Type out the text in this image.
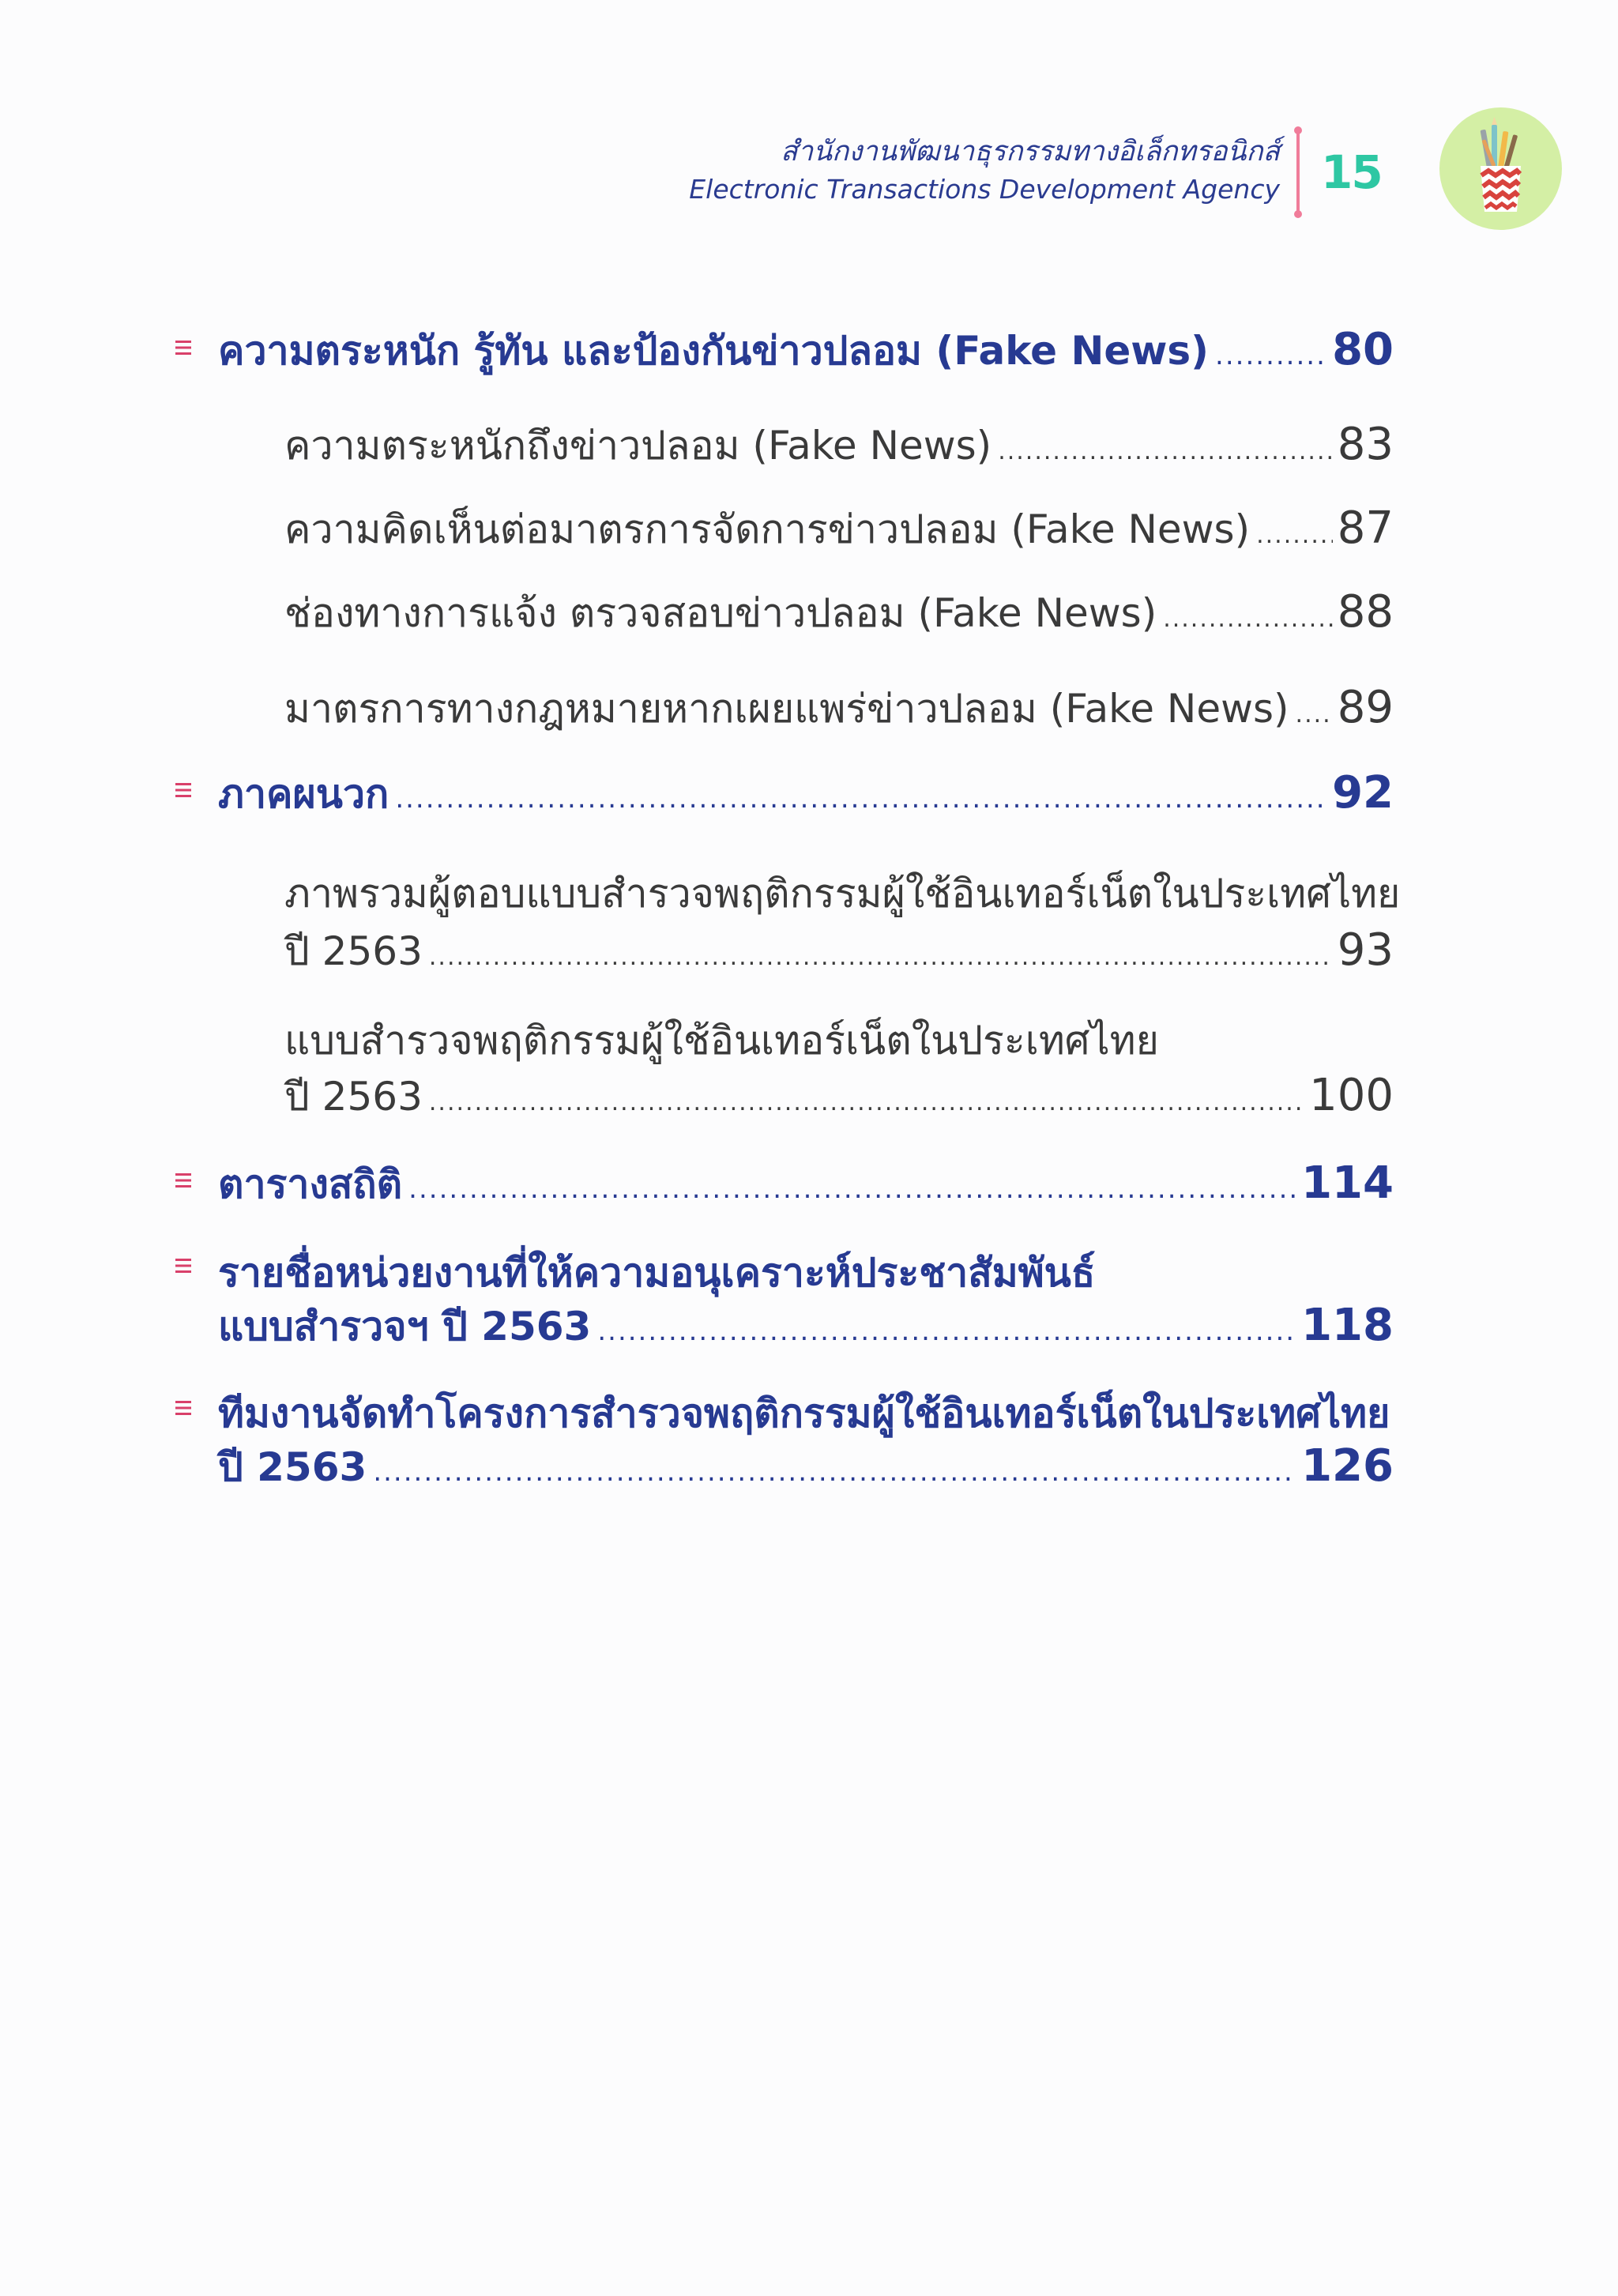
สำนักงานพัฒนาธุรกรรมทางอิเล็กทรอนิกส์
Electronic Transactions Development Agency 15
ความตระหนัก รู้ทัน และป้องกันข่าวปลอม (Fake News) .....	80
ความตระหนักถึงข่าวปลอม (Fake News) .....	83
ความคิดเห็นต่อมาตรการจัดการข่าวปลอม (Fake News) ..... 87
ช่องทางการแจ้ง ตรวจสอบข่าวปลอม (Fake News) .....	88
มาตรการทางกฎหมายหากเผยแพร่ข่าวปลอม (Fake News) ..... 89
ภาคผนวก .....	92
ภาพรวมผู้ตอบแบบสำรวจพฤติกรรมผู้ใช้อินเทอร์เน็ตในประเทศไทย
ปี 2563 .....	93
แบบสำรวจพฤติกรรมผู้ใช้อินเทอร์เน็ตในประเทศไทย
ปี 2563 .....	100
ตารางสถิติ .....	114
รายชื่อหน่วยงานที่ให้ความอนุเคราะห์ประชาสัมพันธ์
แบบสำรวจฯ ปี 2563 .....	118
ทีมงานจัดทำโครงการสำรวจพฤติกรรมผู้ใช้อินเทอร์เน็ตในประเทศไทย
ปี 2563 .....	126
